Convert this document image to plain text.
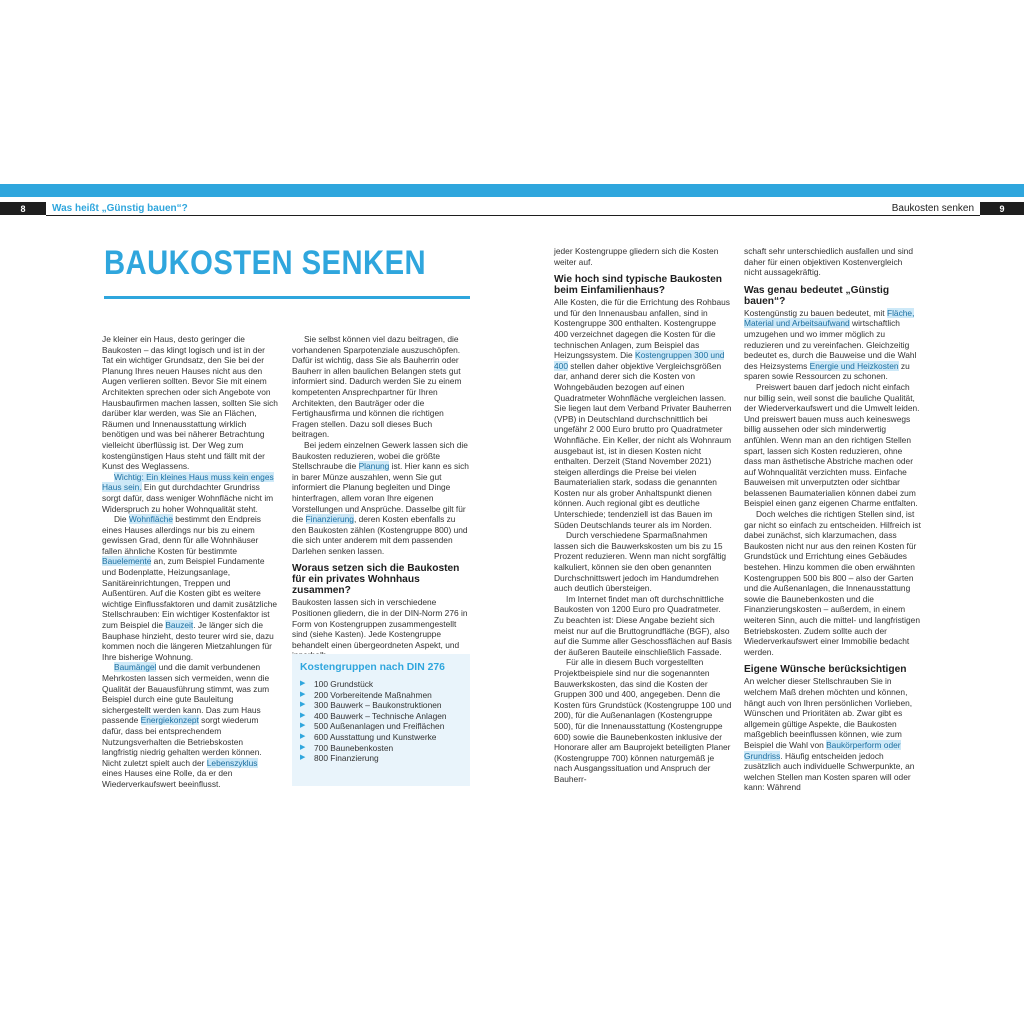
8	Was heißt „Günstig bauen“?	Baukosten senken	9
BAUKOSTEN SENKEN

Je kleiner ein Haus, desto geringer die Baukosten – das klingt logisch und ist in der Tat ein wichtiger Grundsatz, den Sie bei der Planung Ihres neuen Hauses nicht aus den Augen verlieren sollten. Bevor Sie mit einem Architekten sprechen oder sich Angebote von Hausbaufirmen machen lassen, sollten Sie sich darüber klar werden, was Sie an Flächen, Räumen und Innenausstattung wirklich benötigen und was bei näherer Betrachtung vielleicht überflüssig ist. Der Weg zum kostengünstigen Haus steht und fällt mit der Kunst des Weglassens.

Wichtig: Ein kleines Haus muss kein enges Haus sein. Ein gut durchdachter Grundriss sorgt dafür, dass weniger Wohnfläche nicht im Widerspruch zu hoher Wohnqualität steht.

Die Wohnfläche bestimmt den Endpreis eines Hauses allerdings nur bis zu einem gewissen Grad, denn für alle Wohnhäuser fallen ähnliche Kosten für bestimmte Bauelemente an, zum Beispiel Fundamente und Bodenplatte, Heizungsanlage, Sanitäreinrichtungen, Treppen und Außentüren. Auf die Kosten gibt es weitere wichtige Einflussfaktoren und damit zusätzliche Stellschrauben: Ein wichtiger Kostenfaktor ist zum Beispiel die Bauzeit. Je länger sich die Bauphase hinzieht, desto teurer wird sie, dazu kommen noch die längeren Mietzahlungen für Ihre bisherige Wohnung.

Baumängel und die damit verbundenen Mehrkosten lassen sich vermeiden, wenn die Qualität der Bauausführung stimmt, was zum Beispiel durch eine gute Bauleitung sichergestellt werden kann. Das zum Haus passende Energiekonzept sorgt wiederum dafür, dass bei entsprechendem Nutzungsverhalten die Betriebskosten langfristig niedrig gehalten werden können. Nicht zuletzt spielt auch der Lebenszyklus eines Hauses eine Rolle, da er den Wiederverkaufswert beeinflusst.

Sie selbst können viel dazu beitragen, die vorhandenen Sparpotenziale auszuschöpfen. Dafür ist wichtig, dass Sie als Bauherrin oder Bauherr in allen baulichen Belangen stets gut informiert sind. Dadurch werden Sie zu einem kompetenten Ansprechpartner für Ihren Architekten, den Bauträger oder die Fertighausfirma und können die richtigen Fragen stellen. Dazu soll dieses Buch beitragen.

Bei jedem einzelnen Gewerk lassen sich die Baukosten reduzieren, wobei die größte Stellschraube die Planung ist. Hier kann es sich in barer Münze auszahlen, wenn Sie gut informiert die Planung begleiten und Dinge hinterfragen, allem voran Ihre eigenen Vorstellungen und Ansprüche. Dasselbe gilt für die Finanzierung, deren Kosten ebenfalls zu den Baukosten zählen (Kostengruppe 800) und die sich unter anderem mit dem passenden Darlehen senken lassen.

Woraus setzen sich die Baukosten für ein privates Wohnhaus zusammen?

Baukosten lassen sich in verschiedene Positionen gliedern, die in der DIN-Norm 276 in Form von Kostengruppen zusammengestellt sind (siehe Kasten). Jede Kostengruppe behandelt einen übergeordneten Aspekt, und

jeder Kostengruppe gliedern sich die Kosten weiter auf.

Wie hoch sind typische Baukosten beim Einfamilienhaus?

Alle Kosten, die für die Errichtung des Rohbaus und für den Innenausbau anfallen, sind in Kostengruppe 300 enthalten. Kostengruppe 400 verzeichnet dagegen die Kosten für die technischen Anlagen, zum Beispiel das Heizungssystem. Die Kostengruppen 300 und 400 stellen daher objektive Vergleichsgrößen dar, anhand derer sich die Kosten von Wohngebäuden bezogen auf einen Quadratmeter Wohnfläche vergleichen lassen. Sie liegen laut dem Verband Privater Bauherren (VPB) in Deutschland durchschnittlich bei ungefähr 2 000 Euro brutto pro Quadratmeter Wohnfläche. Ein Keller, der nicht als Wohnraum ausgebaut ist, ist in diesen Kosten nicht enthalten. Derzeit (Stand November 2021) steigen allerdings die Preise bei vielen Baumaterialien stark, sodass die genannten Kosten nur als grober Anhaltspunkt dienen können. Auch regional gibt es deutliche Unterschiede; tendenziell ist das Bauen im Süden Deutschlands teurer als im Norden.

Durch verschiedene Sparmaßnahmen lassen sich die Bauwerkskosten um bis zu 15 Prozent reduzieren. Wenn man nicht sorgfältig kalkuliert, können sie den oben genannten Durchschnittswert jedoch im Handumdrehen auch deutlich übersteigen.

Im Internet findet man oft durchschnittliche Baukosten von 1200 Euro pro Quadratmeter. Zu beachten ist: Diese Angabe bezieht sich meist nur auf die Bruttogrundfläche (BGF), also auf die Summe aller Geschossflächen auf Basis der äußeren Bauteile einschließlich Fassade.

Für alle in diesem Buch vorgestellten Projektbeispiele sind nur die sogenannten Bauwerkskosten, das sind die Kosten der Gruppen 300 und 400, angegeben. Denn die Kosten fürs Grundstück (Kostengruppe 100 und 200), für die Außenanlagen (Kostengruppe 500), für die Innenausstattung (Kostengruppe 600) sowie die Baunebenkosten inklusive der Honorare aller am Bauprojekt beteiligten Planer (Kostengruppe 700) können naturgemäß je nach Ausgangssituation und Anspruch der Bauherr-

schaft sehr unterschiedlich ausfallen und sind daher für einen objektiven Kostenvergleich nicht aussagekräftig.

Was genau bedeutet „Günstig bauen“?

Kostengünstig zu bauen bedeutet, mit Fläche, Material und Arbeitsaufwand wirtschaftlich umzugehen und wo immer möglich zu reduzieren und zu vereinfachen. Gleichzeitig bedeutet es, durch die Bauweise und die Wahl des Heizsystems Energie und Heizkosten zu sparen sowie Ressourcen zu schonen.

Preiswert bauen darf jedoch nicht einfach nur billig sein, weil sonst die bauliche Qualität, der Wiederverkaufswert und die Umwelt leiden. Und preiswert bauen muss auch keineswegs billig aussehen oder sich minderwertig anfühlen. Wenn man an den richtigen Stellen spart, lassen sich Kosten reduzieren, ohne dass man ästhetische Abstriche machen oder auf Wohnqualität verzichten muss. Einfache Bauweisen mit unverputzten oder sichtbar belassenen Baumaterialien können dabei zum Beispiel einen ganz eigenen Charme entfalten.

Doch welches die richtigen Stellen sind, ist gar nicht so einfach zu entscheiden. Hilfreich ist dabei zunächst, sich klarzumachen, dass Baukosten nicht nur aus den reinen Kosten für Grundstück und Errichtung eines Gebäudes bestehen. Hinzu kommen die oben erwähnten Kostengruppen 500 bis 800 – also der Garten und die Außenanlagen, die Innenausstattung sowie die Baunebenkosten und die Finanzierungskosten – außerdem, in einem weiteren Sinn, auch die mittel- und langfristigen Betriebskosten. Zudem sollte auch der Wiederverkaufswert einer Immobilie bedacht werden.

Eigene Wünsche berücksichtigen

An welcher dieser Stellschrauben Sie in welchem Maß drehen möchten und können, hängt auch von Ihren persönlichen Vorlieben, Wünschen und Prioritäten ab. Zwar gibt es allgemein gültige Aspekte, die Baukosten maßgeblich beeinflussen können, wie zum Beispiel die Wahl von Baukörperform oder Grundriss. Häufig entscheiden jedoch zusätzlich auch individuelle Schwerpunkte, an welchen Stellen man Kosten sparen will oder kann: Während

Kostengruppen nach DIN 276
▶	100 Grundstück
▶	200 Vorbereitende Maßnahmen
▶	300 Bauwerk – Baukonstruktionen
▶	400 Bauwerk – Technische Anlagen
▶	500 Außenanlagen und Freiflächen
▶	600 Ausstattung und Kunstwerke
▶	700 Baunebenkosten
▶	800 Finanzierung
